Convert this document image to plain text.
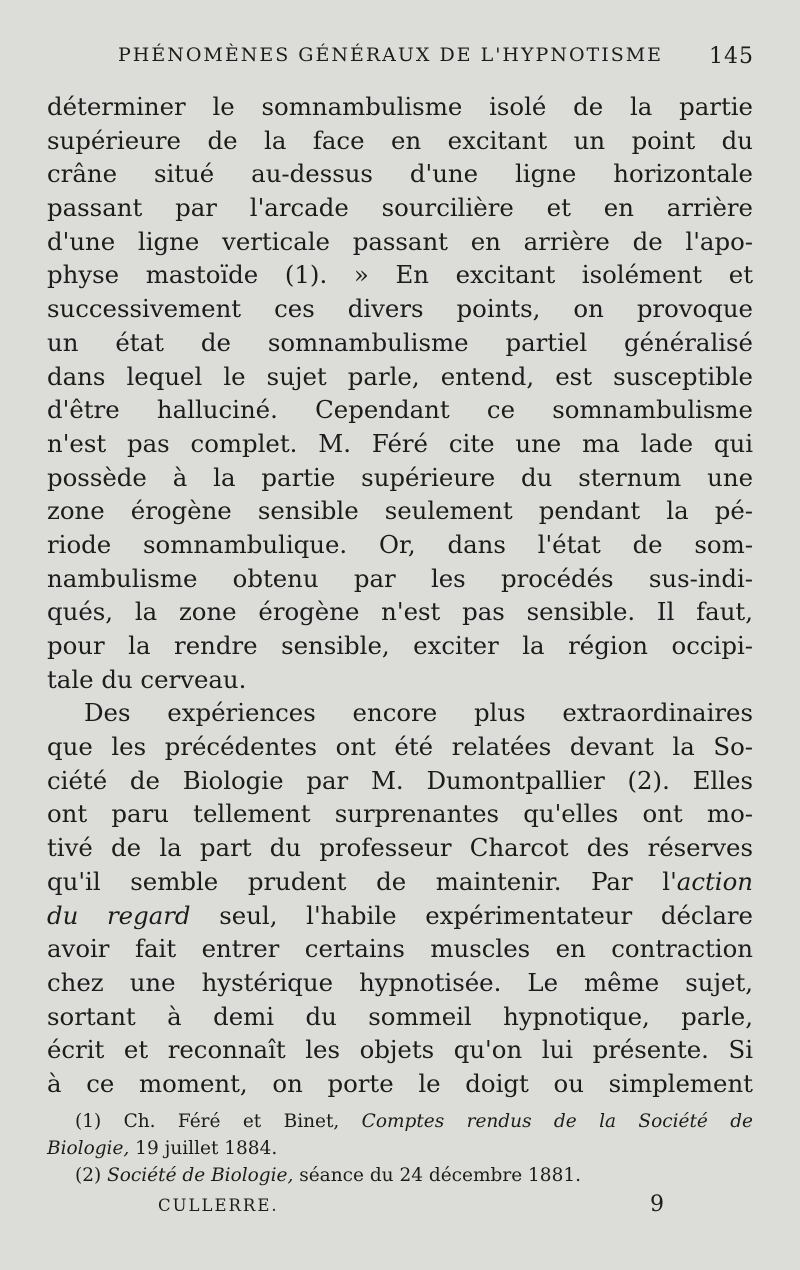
PHÉNOMÈNES GÉNÉRAUX DE L'HYPNOTISME 145
déterminer le somnambulisme isolé de la partie
supérieure de la face en excitant un point du
crâne situé au-dessus d'une ligne horizontale
passant par l'arcade sourcilière et en arrière
d'une ligne verticale passant en arrière de l'apo-
physe mastoïde (1). » En excitant isolément et
successivement ces divers points, on provoque
un état de somnambulisme partiel généralisé
dans lequel le sujet parle, entend, est susceptible
d'être halluciné. Cependant ce somnambulisme
n'est pas complet. M. Féré cite une ma lade qui
possède à la partie supérieure du sternum une
zone érogène sensible seulement pendant la pé-
riode somnambulique. Or, dans l'état de som-
nambulisme obtenu par les procédés sus-indi-
qués, la zone érogène n'est pas sensible. Il faut,
pour la rendre sensible, exciter la région occipi-
tale du cerveau.
Des expériences encore plus extraordinaires
que les précédentes ont été relatées devant la So-
ciété de Biologie par M. Dumontpallier (2). Elles
ont paru tellement surprenantes qu'elles ont mo-
tivé de la part du professeur Charcot des réserves
qu'il semble prudent de maintenir. Par l'action
du regard seul, l'habile expérimentateur déclare
avoir fait entrer certains muscles en contraction
chez une hystérique hypnotisée. Le même sujet,
sortant à demi du sommeil hypnotique, parle,
écrit et reconnaît les objets qu'on lui présente. Si
à ce moment, on porte le doigt ou simplement
(1) Ch. Féré et Binet, Comptes rendus de la Société de
Biologie, 19 juillet 1884.
(2) Société de Biologie, séance du 24 décembre 1881.
CULLERRE.	9
